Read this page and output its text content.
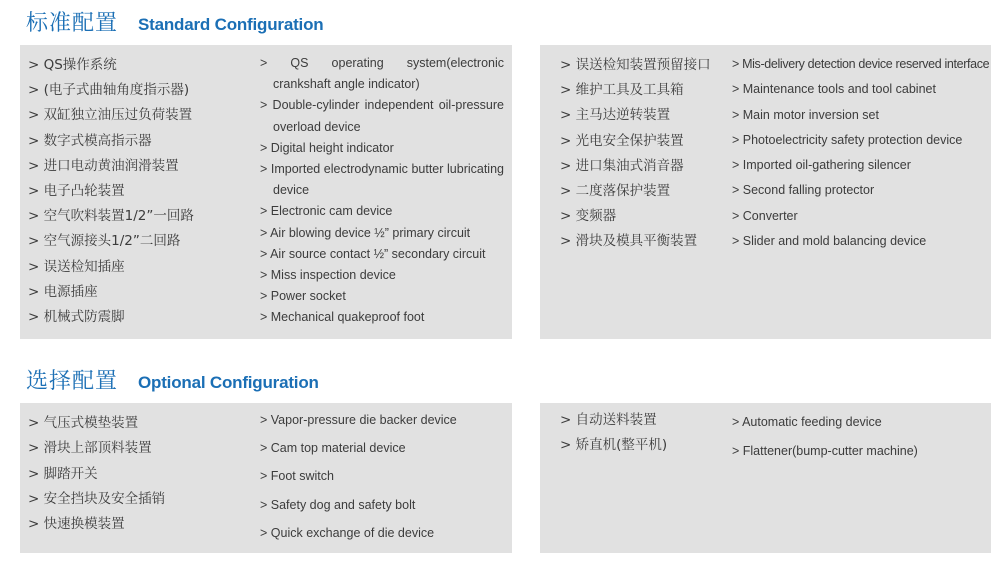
标准配置 Standard Configuration
> QS操作系统
> (电子式曲轴角度指示器)
> 双缸独立油压过负荷装置
> 数字式模高指示器
> 进口电动黄油润滑装置
> 电子凸轮装置
> 空气吹料装置1/2”一回路
> 空气源接头1/2”二回路
> 误送检知插座
> 电源插座
> 机械式防震脚
> QS operating system(electronic crankshaft angle indicator)
> Double-cylinder independent oil-pressure overload device
> Digital height indicator
> Imported electrodynamic butter lubricating device
> Electronic cam device
> Air blowing device ½” primary circuit
> Air source contact ½” secondary circuit
> Miss inspection device
> Power socket
> Mechanical quakeproof foot
> 误送检知装置预留接口
> 维护工具及工具箱
> 主马达逆转装置
> 光电安全保护装置
> 进口集油式消音器
> 二度落保护装置
> 变频器
> 滑块及模具平衡装置
> Mis-delivery detection device reserved interface
> Maintenance tools and tool cabinet
> Main motor inversion set
> Photoelectricity safety protection device
> Imported oil-gathering silencer
> Second falling protector
> Converter
> Slider and mold balancing device
选择配置 Optional Configuration
> 气压式模垫装置
> 滑块上部顶料装置
> 脚踏开关
> 安全挡块及安全插销
> 快速换模装置
> Vapor-pressure die backer device
> Cam top material device
> Foot switch
> Safety dog and safety bolt
> Quick exchange of die device
> 自动送料装置
> 矫直机(整平机)
> Automatic feeding device
> Flattener(bump-cutter machine)
